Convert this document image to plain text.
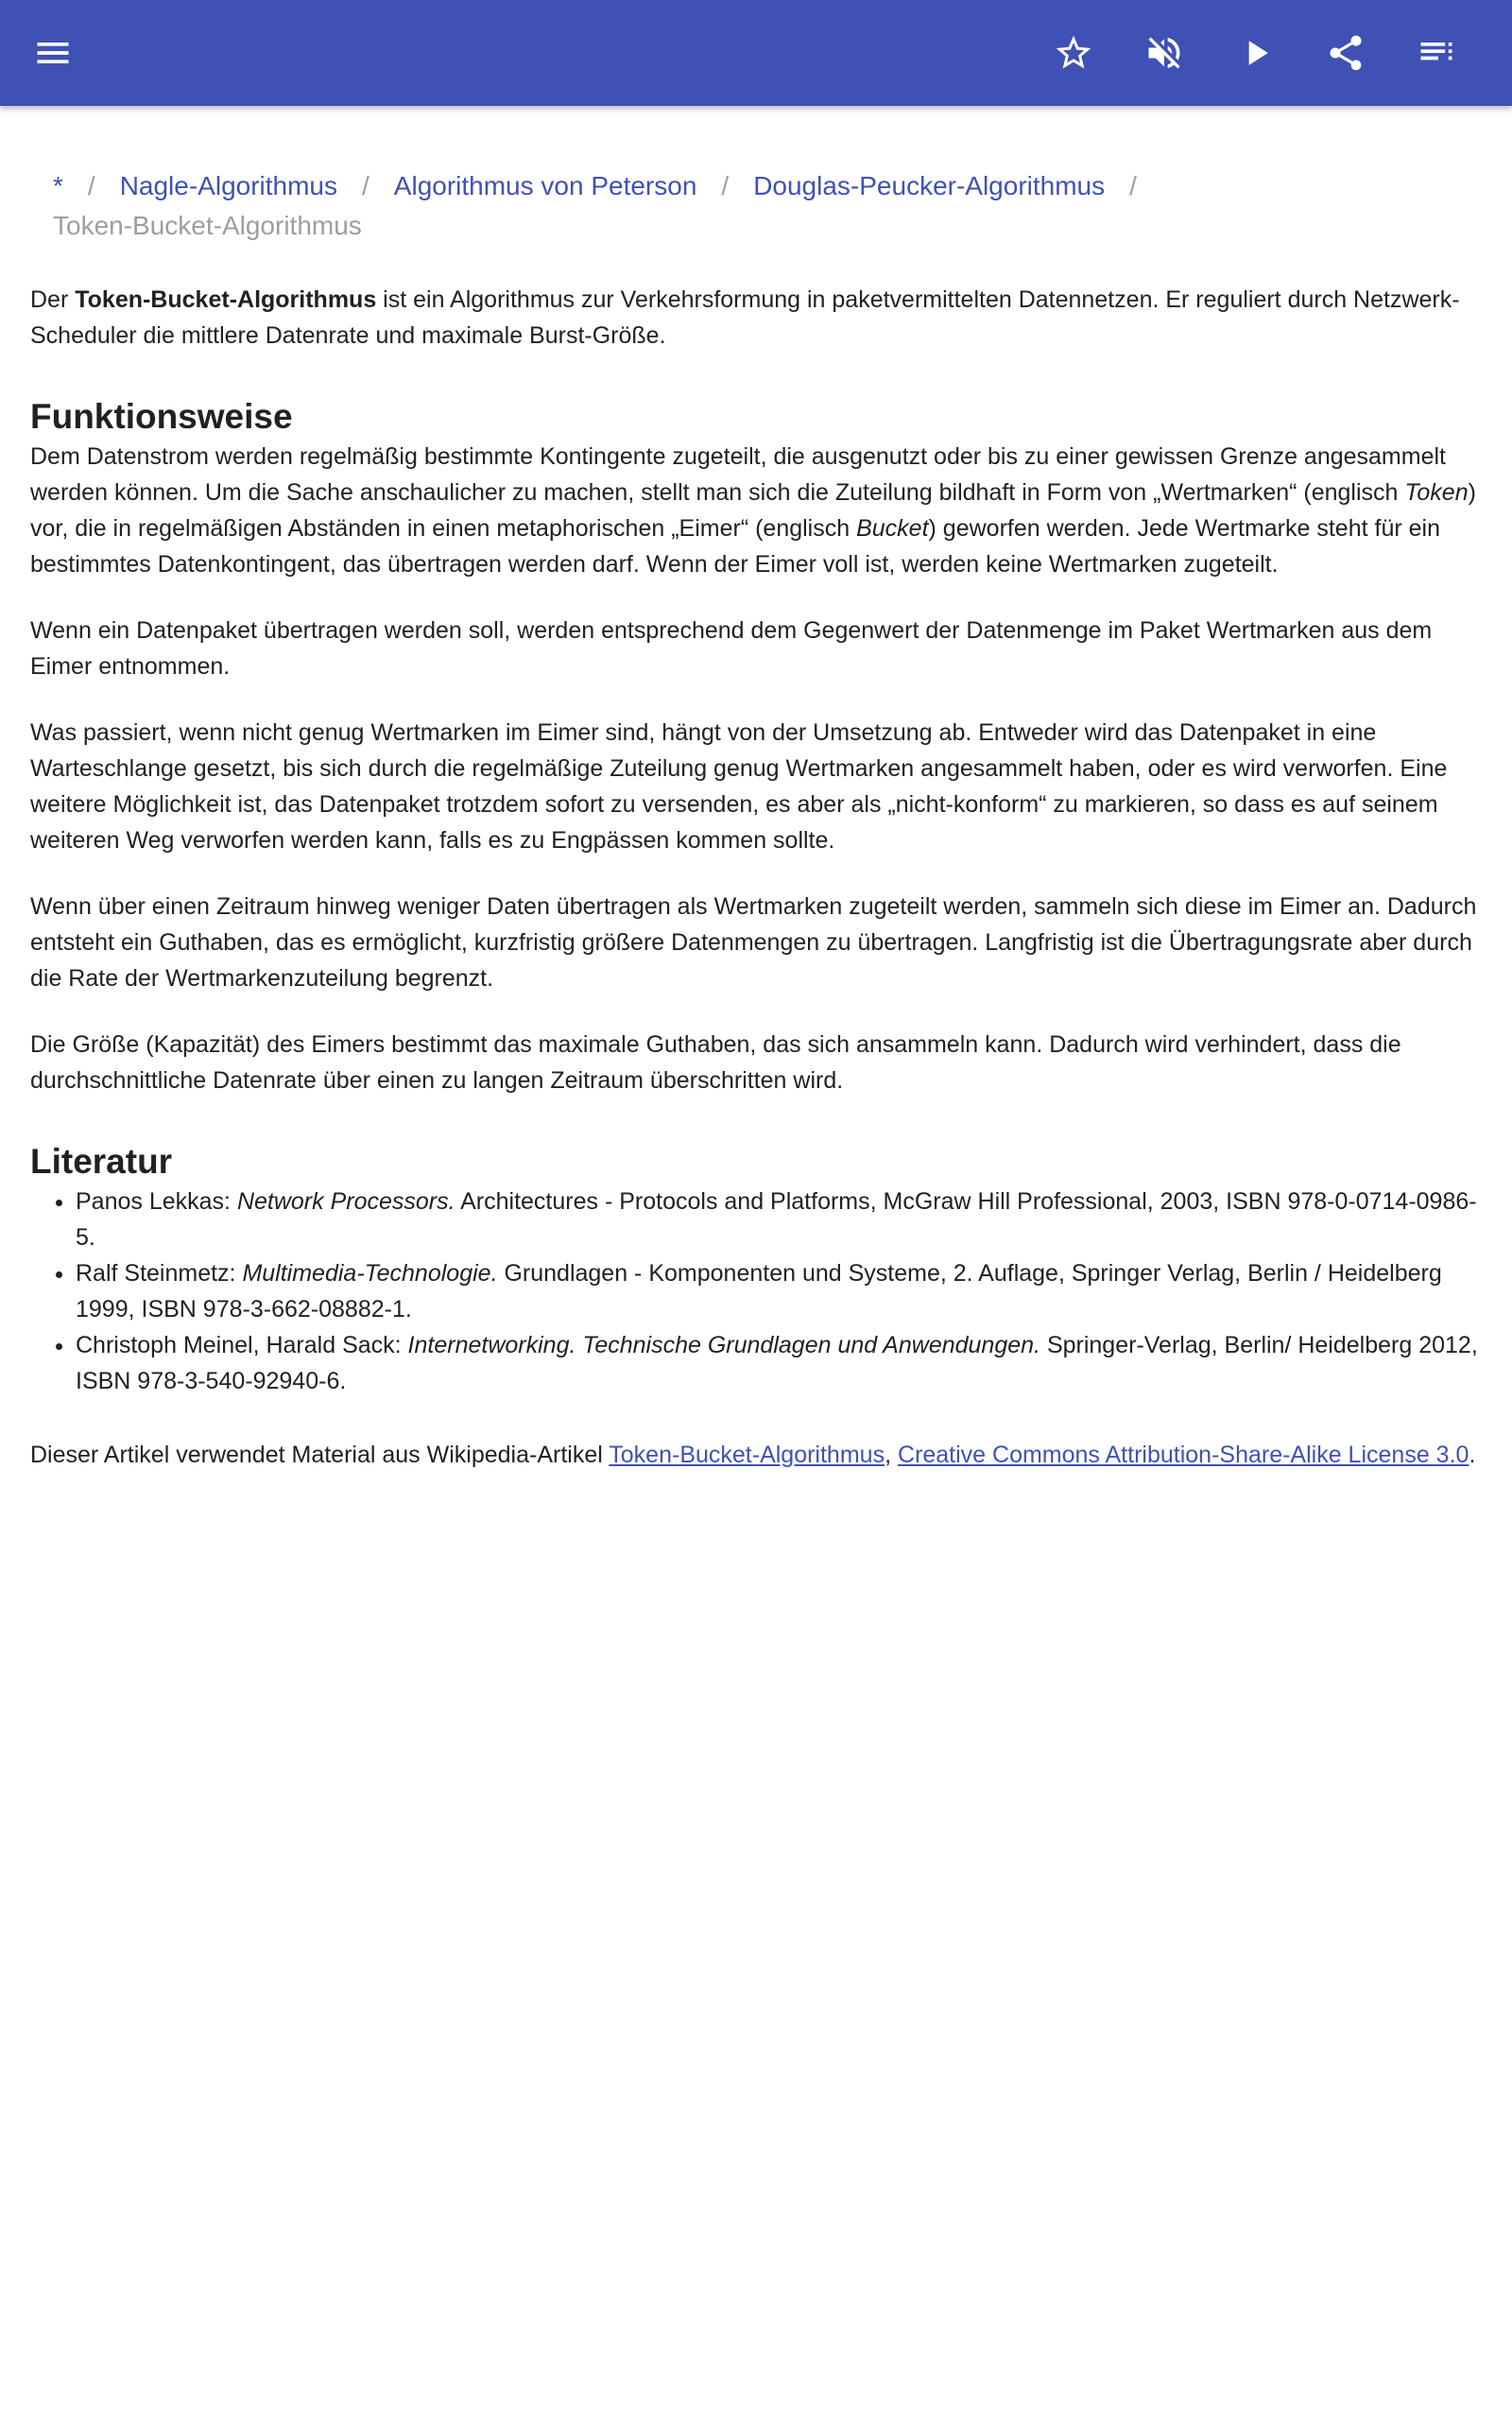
* / Nagle-Algorithmus / Algorithmus von Peterson / Douglas-Peucker-Algorithmus /
Token-Bucket-Algorithmus

Der Token-Bucket-Algorithmus ist ein Algorithmus zur Verkehrsformung in paketvermittelten Datennetzen. Er reguliert durch Netzwerk-Scheduler die mittlere Datenrate und maximale Burst-Größe.

Funktionsweise

Dem Datenstrom werden regelmäßig bestimmte Kontingente zugeteilt, die ausgenutzt oder bis zu einer gewissen Grenze angesammelt werden können. Um die Sache anschaulicher zu machen, stellt man sich die Zuteilung bildhaft in Form von „Wertmarken“ (englisch Token) vor, die in regelmäßigen Abständen in einen metaphorischen „Eimer“ (englisch Bucket) geworfen werden. Jede Wertmarke steht für ein bestimmtes Datenkontingent, das übertragen werden darf. Wenn der Eimer voll ist, werden keine Wertmarken zugeteilt.

Wenn ein Datenpaket übertragen werden soll, werden entsprechend dem Gegenwert der Datenmenge im Paket Wertmarken aus dem Eimer entnommen.

Was passiert, wenn nicht genug Wertmarken im Eimer sind, hängt von der Umsetzung ab. Entweder wird das Datenpaket in eine Warteschlange gesetzt, bis sich durch die regelmäßige Zuteilung genug Wertmarken angesammelt haben, oder es wird verworfen. Eine weitere Möglichkeit ist, das Datenpaket trotzdem sofort zu versenden, es aber als „nicht-konform“ zu markieren, so dass es auf seinem weiteren Weg verworfen werden kann, falls es zu Engpässen kommen sollte.

Wenn über einen Zeitraum hinweg weniger Daten übertragen als Wertmarken zugeteilt werden, sammeln sich diese im Eimer an. Dadurch entsteht ein Guthaben, das es ermöglicht, kurzfristig größere Datenmengen zu übertragen. Langfristig ist die Übertragungsrate aber durch die Rate der Wertmarkenzuteilung begrenzt.

Die Größe (Kapazität) des Eimers bestimmt das maximale Guthaben, das sich ansammeln kann. Dadurch wird verhindert, dass die durchschnittliche Datenrate über einen zu langen Zeitraum überschritten wird.

Literatur
• Panos Lekkas: Network Processors. Architectures - Protocols and Platforms, McGraw Hill Professional, 2003, ISBN 978-0-0714-0986-5.
• Ralf Steinmetz: Multimedia-Technologie. Grundlagen - Komponenten und Systeme, 2. Auflage, Springer Verlag, Berlin / Heidelberg 1999, ISBN 978-3-662-08882-1.
• Christoph Meinel, Harald Sack: Internetworking. Technische Grundlagen und Anwendungen. Springer-Verlag, Berlin/ Heidelberg 2012, ISBN 978-3-540-92940-6.

Dieser Artikel verwendet Material aus Wikipedia-Artikel Token-Bucket-Algorithmus, Creative Commons Attribution-Share-Alike License 3.0.
